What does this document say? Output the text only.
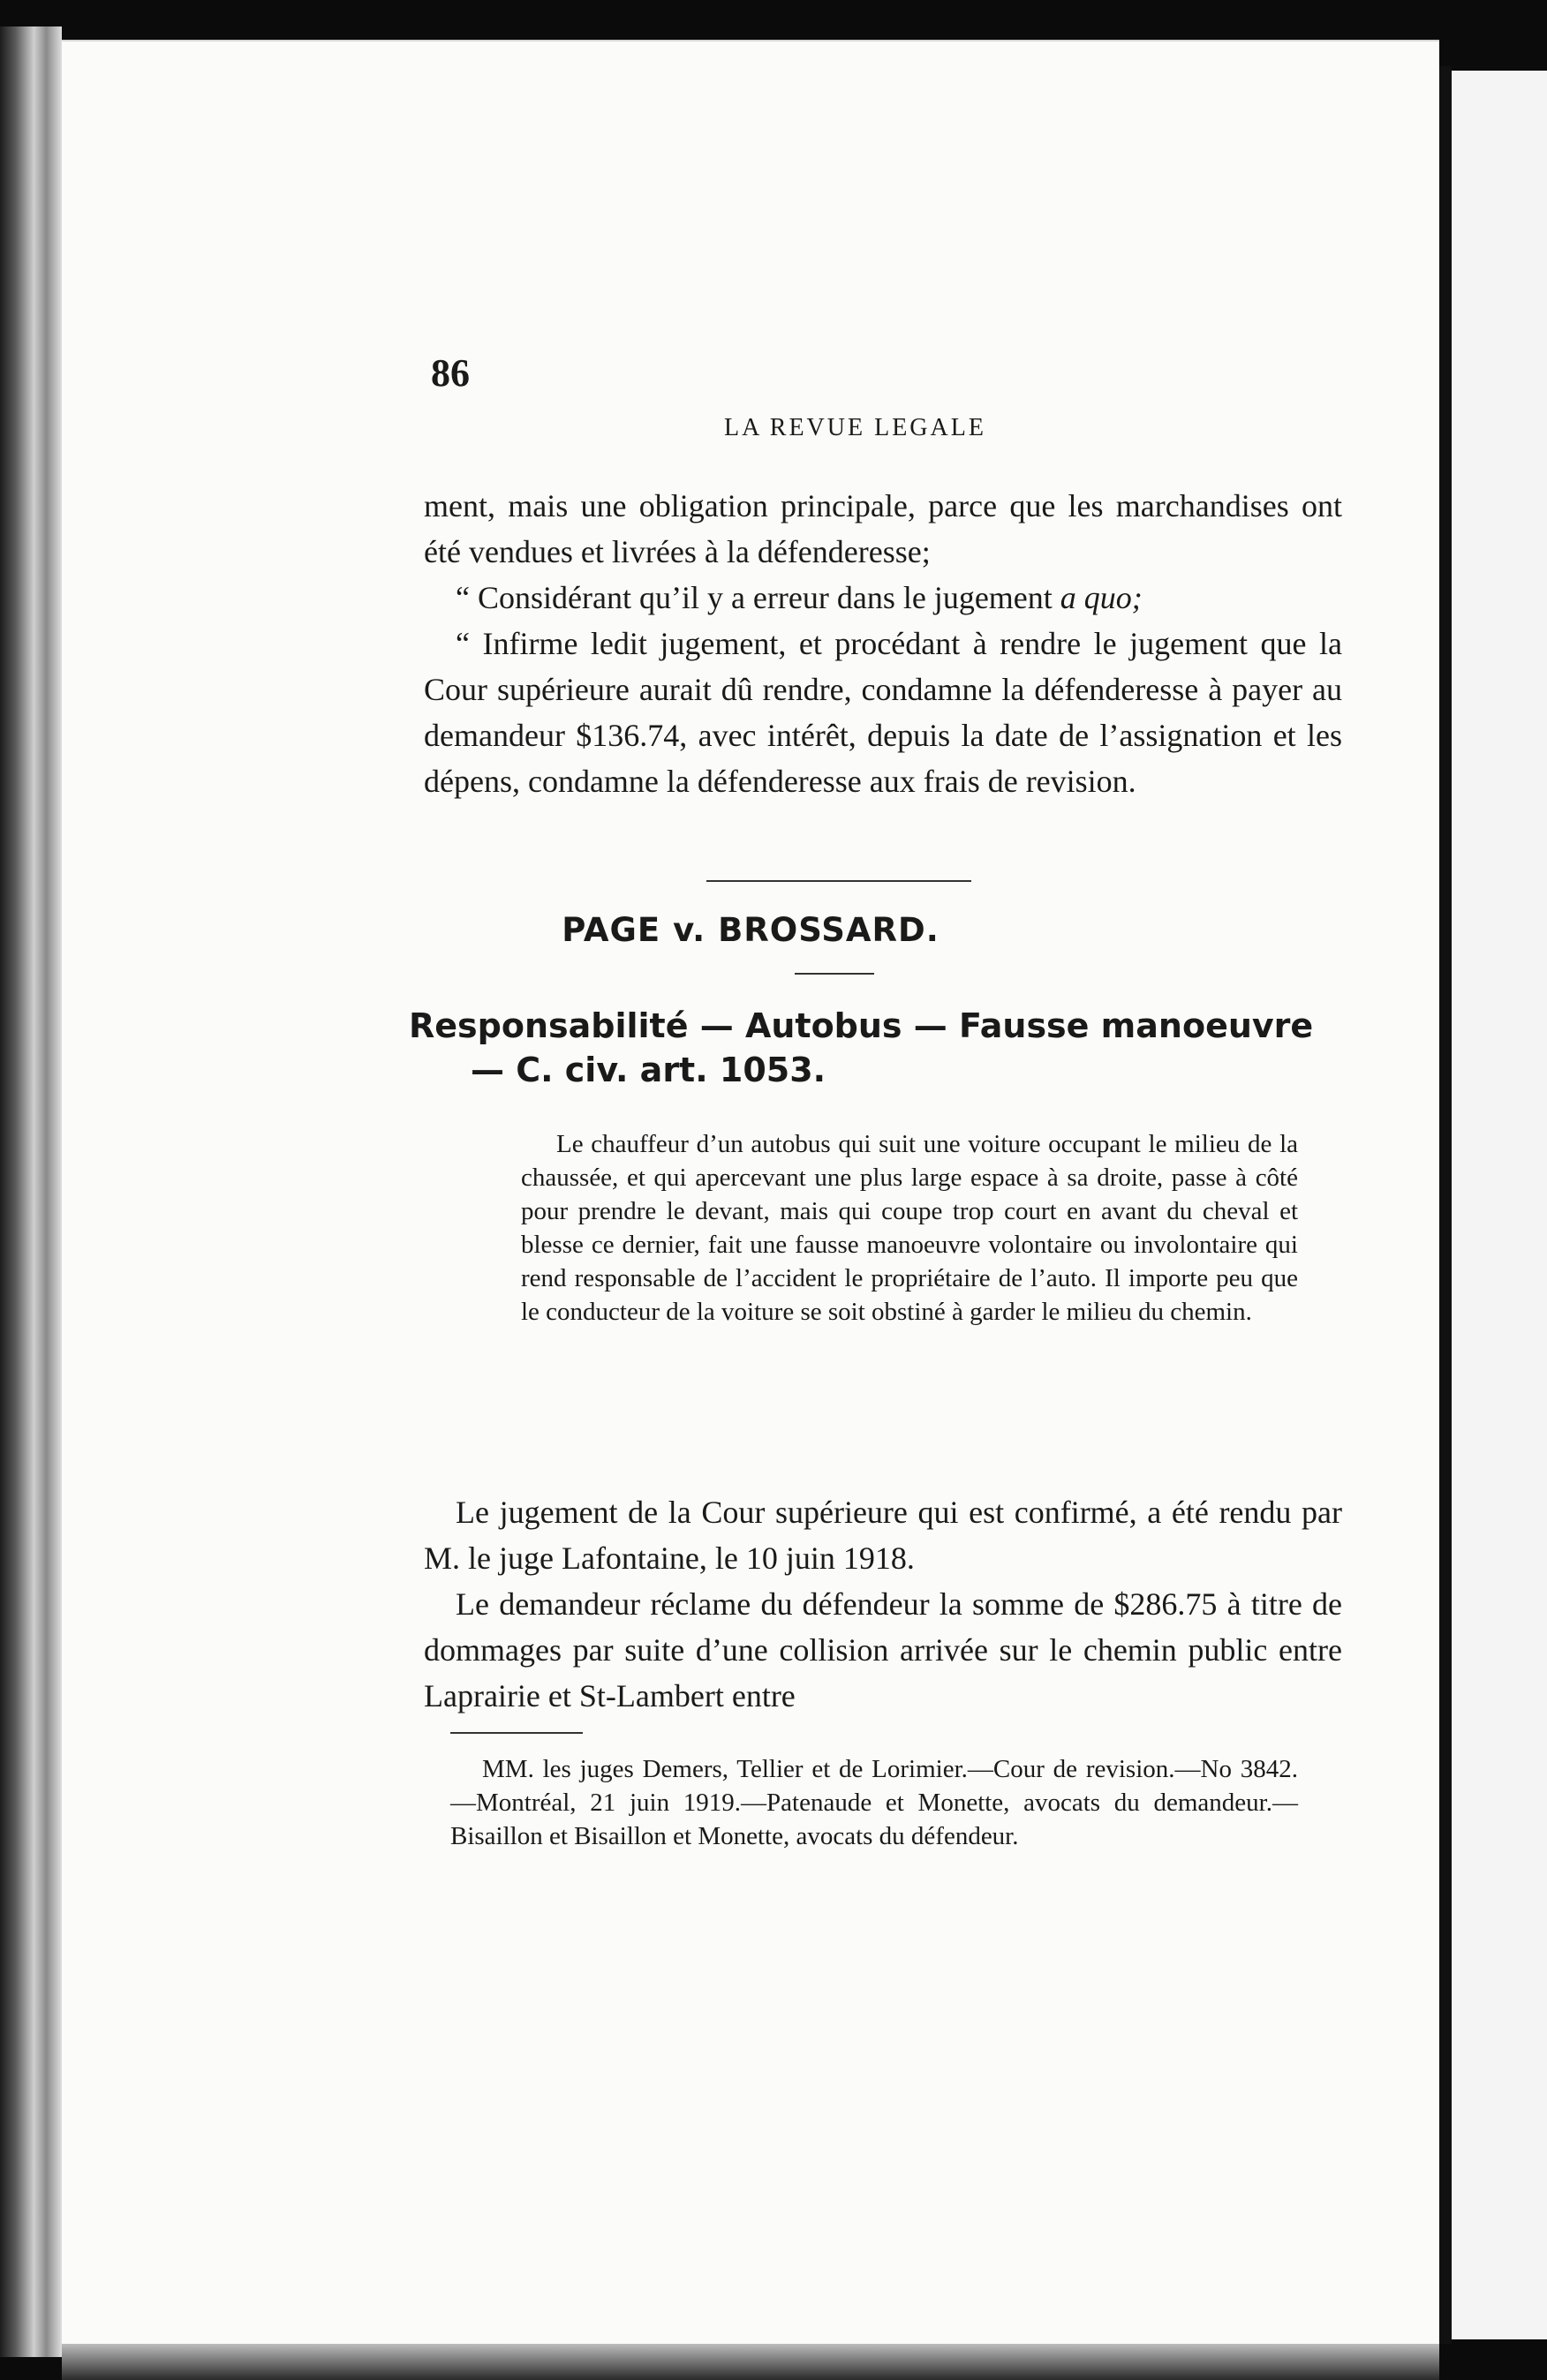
86
LA REVUE LEGALE

ment, mais une obligation principale, parce que les marchandises ont été vendues et livrées à la défenderesse;

“ Considérant qu’il y a erreur dans le jugement a quo;

“ Infirme ledit jugement, et procédant à rendre le jugement que la Cour supérieure aurait dû rendre, condamne la défenderesse à payer au demandeur $136.74, avec intérêt, depuis la date de l’assignation et les dépens, condamne la défenderesse aux frais de revision.

PAGE v. BROSSARD.
Responsabilité — Autobus — Fausse manoeuvre — C. civ. art. 1053.

Le chauffeur d’un autobus qui suit une voiture occupant le milieu de la chaussée, et qui apercevant une plus large espace à sa droite, passe à côté pour prendre le devant, mais qui coupe trop court en avant du cheval et blesse ce dernier, fait une fausse manoeuvre volontaire ou involontaire qui rend responsable de l’accident le propriétaire de l’auto. Il importe peu que le conducteur de la voiture se soit obstiné à garder le milieu du chemin.

Le jugement de la Cour supérieure qui est confirmé, a été rendu par M. le juge Lafontaine, le 10 juin 1918.

Le demandeur réclame du défendeur la somme de $286.75 à titre de dommages par suite d’une collision arrivée sur le chemin public entre Laprairie et St-Lambert entre

MM. les juges Demers, Tellier et de Lorimier.—Cour de revision.—No 3842.—Montréal, 21 juin 1919.—Patenaude et Monette, avocats du demandeur.—Bisaillon et Bisaillon et Monette, avocats du défendeur.
